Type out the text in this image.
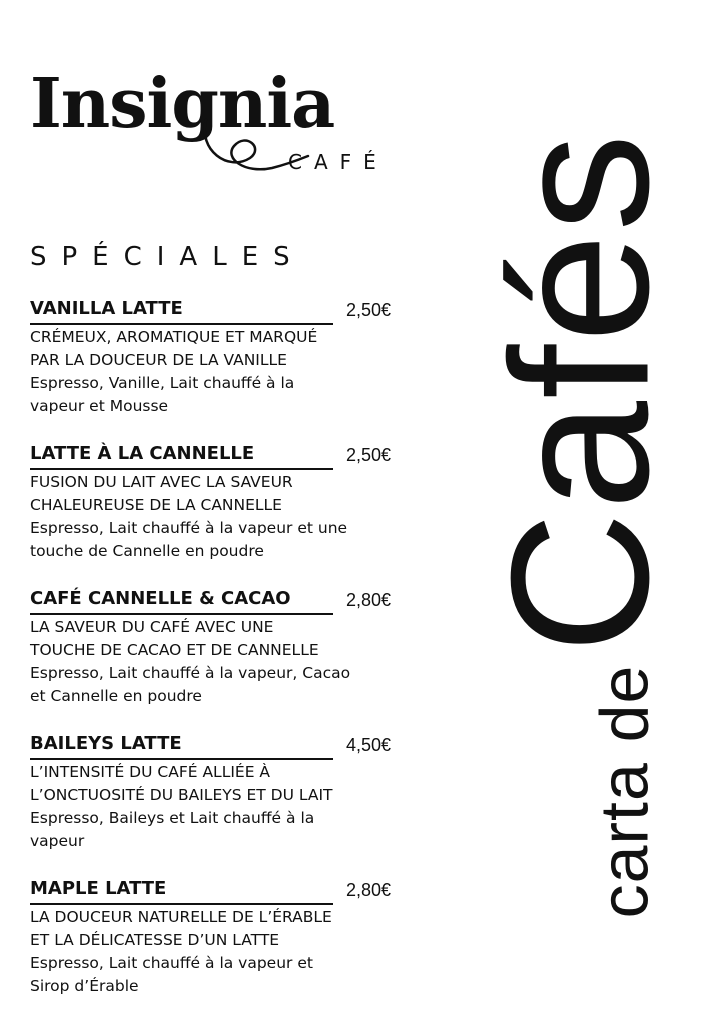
Insignia
CAFÉ
SPÉCIALES
VANILLA LATTE	2,50€
CRÉMEUX, AROMATIQUE ET MARQUÉ
PAR LA DOUCEUR DE LA VANILLE
Espresso, Vanille, Lait chauffé à la
vapeur et Mousse
LATTE À LA CANNELLE	2,50€
FUSION DU LAIT AVEC LA SAVEUR
CHALEUREUSE DE LA CANNELLE
Espresso, Lait chauffé à la vapeur et une
touche de Cannelle en poudre
CAFÉ CANNELLE & CACAO	2,80€
LA SAVEUR DU CAFÉ AVEC UNE
TOUCHE DE CACAO ET DE CANNELLE
Espresso, Lait chauffé à la vapeur, Cacao
et Cannelle en poudre
BAILEYS LATTE	4,50€
L’INTENSITÉ DU CAFÉ ALLIÉE À
L’ONCTUOSITÉ DU BAILEYS ET DU LAIT
Espresso, Baileys et Lait chauffé à la
vapeur
MAPLE LATTE	2,80€
LA DOUCEUR NATURELLE DE L’ÉRABLE
ET LA DÉLICATESSE D’UN LATTE
Espresso, Lait chauffé à la vapeur et
Sirop d’Érable
carta de Cafés
